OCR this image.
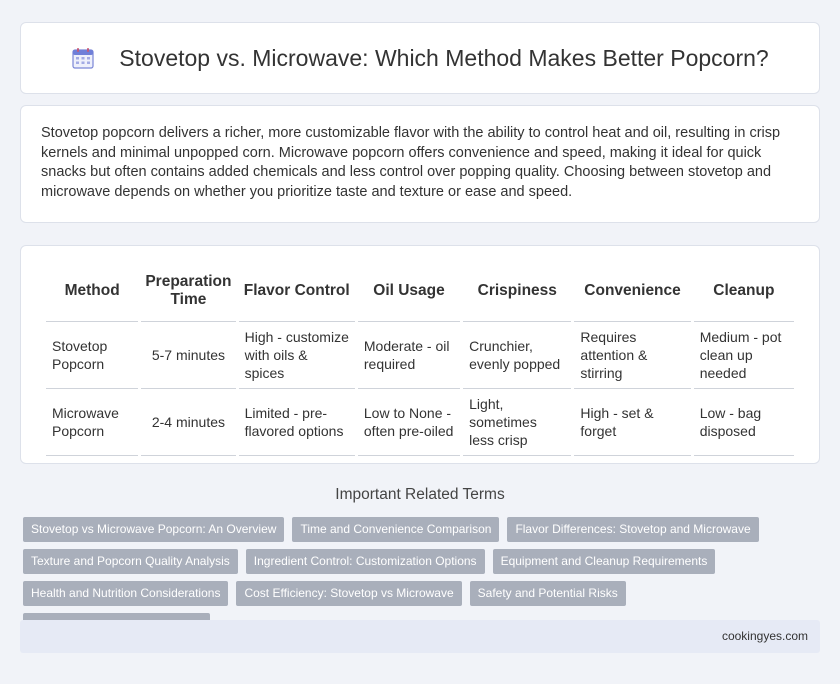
Stovetop vs. Microwave: Which Method Makes Better Popcorn?

Stovetop popcorn delivers a richer, more customizable flavor with the ability to control heat and oil, resulting in crisp kernels and minimal unpopped corn. Microwave popcorn offers convenience and speed, making it ideal for quick snacks but often contains added chemicals and less control over popping quality. Choosing between stovetop and microwave depends on whether you prioritize taste and texture or ease and speed.

Method	Preparation Time	Flavor Control	Oil Usage	Crispiness	Convenience	Cleanup
Stovetop Popcorn	5-7 minutes	High - customize with oils & spices	Moderate - oil required	Crunchier, evenly popped	Requires attention & stirring	Medium - pot clean up needed
Microwave Popcorn	2-4 minutes	Limited - pre-flavored options	Low to None - often pre-oiled	Light, sometimes less crisp	High - set & forget	Low - bag disposed
Important Related Terms
Stovetop vs Microwave Popcorn: An Overview Time and Convenience Comparison Flavor Differences: Stovetop and Microwave
Texture and Popcorn Quality Analysis Ingredient Control: Customization Options Equipment and Cleanup Requirements
Health and Nutrition Considerations Cost Efficiency: Stovetop vs Microwave Safety and Potential Risks
cookingyes.com
